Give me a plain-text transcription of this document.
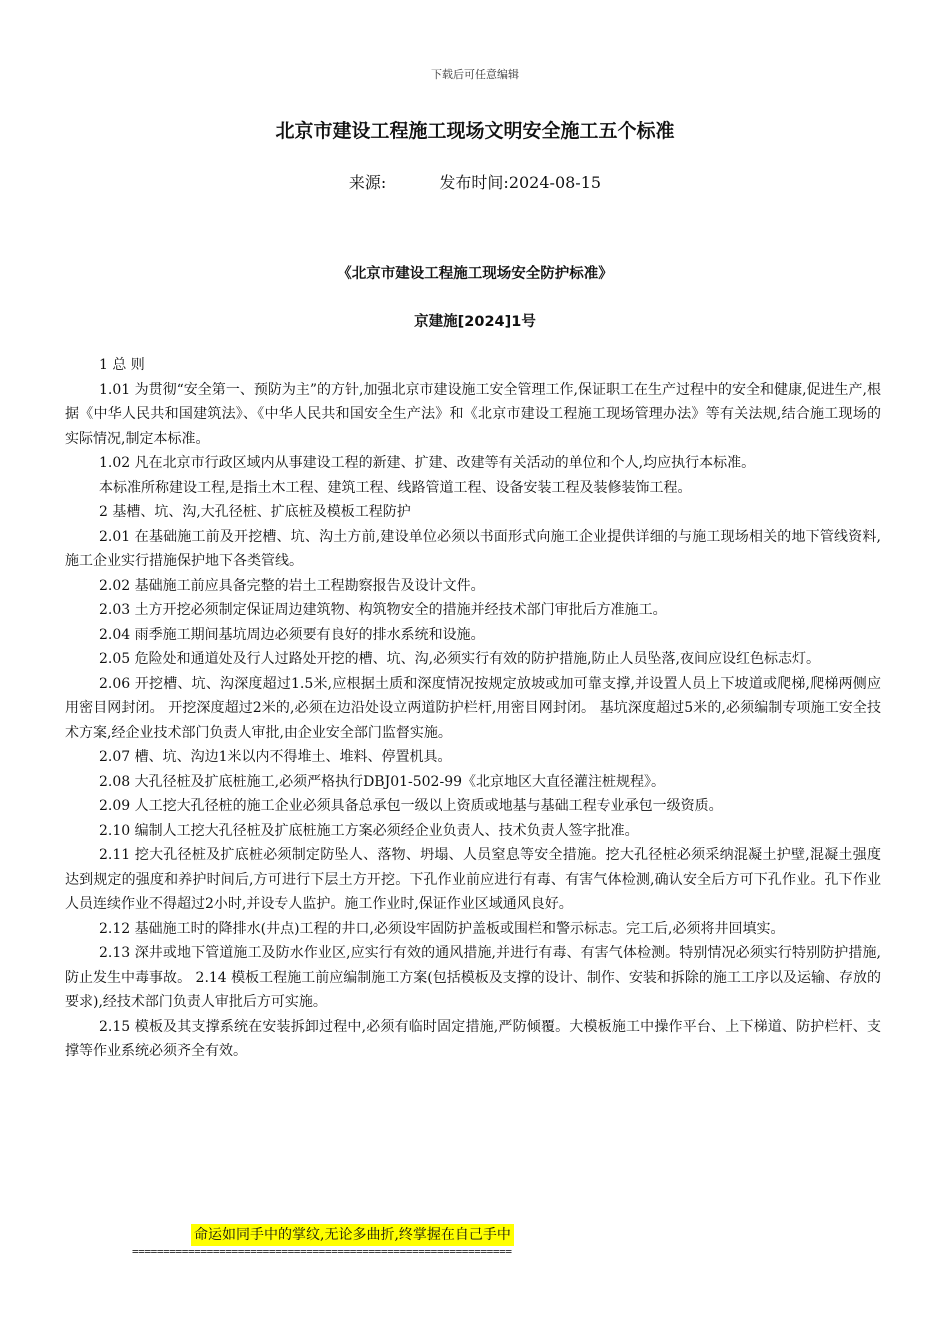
下载后可任意编辑
北京市建设工程施工现场文明安全施工五个标准
来源:	发布时间:2024-08-15
《北京市建设工程施工现场安全防护标准》
京建施[2024]1号

1 总 则

1.01 为贯彻“安全第一、预防为主”的方针,加强北京市建设施工安全管理工作,保证职工在生产过程中的安全和健康,促进生产,根据《中华人民共和国建筑法》、《中华人民共和国安全生产法》和《北京市建设工程施工现场管理办法》等有关法规,结合施工现场的实际情况,制定本标准。

1.02 凡在北京市行政区域内从事建设工程的新建、扩建、改建等有关活动的单位和个人,均应执行本标准。

本标准所称建设工程,是指土木工程、建筑工程、线路管道工程、设备安装工程及装修装饰工程。

2 基槽、坑、沟,大孔径桩、扩底桩及模板工程防护

2.01 在基础施工前及开挖槽、坑、沟土方前,建设单位必须以书面形式向施工企业提供详细的与施工现场相关的地下管线资料,施工企业实行措施保护地下各类管线。

2.02 基础施工前应具备完整的岩土工程勘察报告及设计文件。

2.03 土方开挖必须制定保证周边建筑物、构筑物安全的措施并经技术部门审批后方准施工。

2.04 雨季施工期间基坑周边必须要有良好的排水系统和设施。

2.05 危险处和通道处及行人过路处开挖的槽、坑、沟,必须实行有效的防护措施,防止人员坠落,夜间应设红色标志灯。

2.06 开挖槽、坑、沟深度超过1.5米,应根据土质和深度情况按规定放坡或加可靠支撑,并设置人员上下坡道或爬梯,爬梯两侧应用密目网封闭。 开挖深度超过2米的,必须在边沿处设立两道防护栏杆,用密目网封闭。 基坑深度超过5米的,必须编制专项施工安全技术方案,经企业技术部门负责人审批,由企业安全部门监督实施。

2.07 槽、坑、沟边1米以内不得堆土、堆料、停置机具。

2.08 大孔径桩及扩底桩施工,必须严格执行DBJ01-502-99《北京地区大直径灌注桩规程》。

2.09 人工挖大孔径桩的施工企业必须具备总承包一级以上资质或地基与基础工程专业承包一级资质。

2.10 编制人工挖大孔径桩及扩底桩施工方案必须经企业负责人、技术负责人签字批准。

2.11 挖大孔径桩及扩底桩必须制定防坠人、落物、坍塌、人员窒息等安全措施。挖大孔径桩必须采纳混凝土护壁,混凝土强度达到规定的强度和养护时间后,方可进行下层土方开挖。下孔作业前应进行有毒、有害气体检测,确认安全后方可下孔作业。孔下作业人员连续作业不得超过2小时,并设专人监护。施工作业时,保证作业区域通风良好。

2.12 基础施工时的降排水(井点)工程的井口,必须设牢固防护盖板或围栏和警示标志。完工后,必须将井回填实。

2.13 深井或地下管道施工及防水作业区,应实行有效的通风措施,并进行有毒、有害气体检测。特别情况必须实行特别防护措施,防止发生中毒事故。 2.14 模板工程施工前应编制施工方案(包括模板及支撑的设计、制作、安装和拆除的施工工序以及运输、存放的要求),经技术部门负责人审批后方可实施。

2.15 模板及其支撑系统在安装拆卸过程中,必须有临时固定措施,严防倾覆。大模板施工中操作平台、上下梯道、防护栏杆、支撑等作业系统必须齐全有效。

命运如同手中的掌纹,无论多曲折,终掌握在自己手中
=============================================================
